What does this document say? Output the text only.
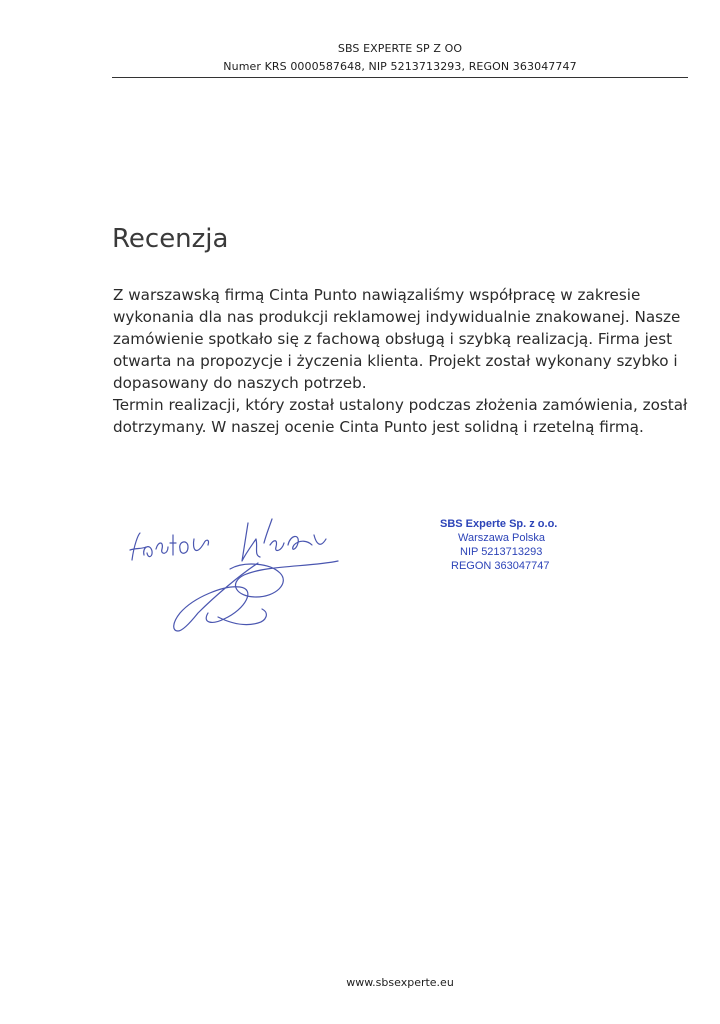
SBS EXPERTE SP Z OO
Numer KRS 0000587648, NIP 5213713293, REGON 363047747
Recenzja

Z warszawską firmą Cinta Punto nawiązaliśmy współpracę w zakresie wykonania dla nas produkcji reklamowej indywidualnie znakowanej. Nasze zamówienie spotkało się z fachową obsługą i szybką realizacją. Firma jest otwarta na propozycje i życzenia klienta. Projekt został wykonany szybko i dopasowany do naszych potrzeb.

Termin realizacji, który został ustalony podczas złożenia zamówienia, został dotrzymany. W naszej ocenie Cinta Punto jest solidną i rzetelną firmą.

SBS Experte Sp. z o.o.
Warszawa Polska
NIP 5213713293
REGON 363047747
www.sbsexperte.eu
